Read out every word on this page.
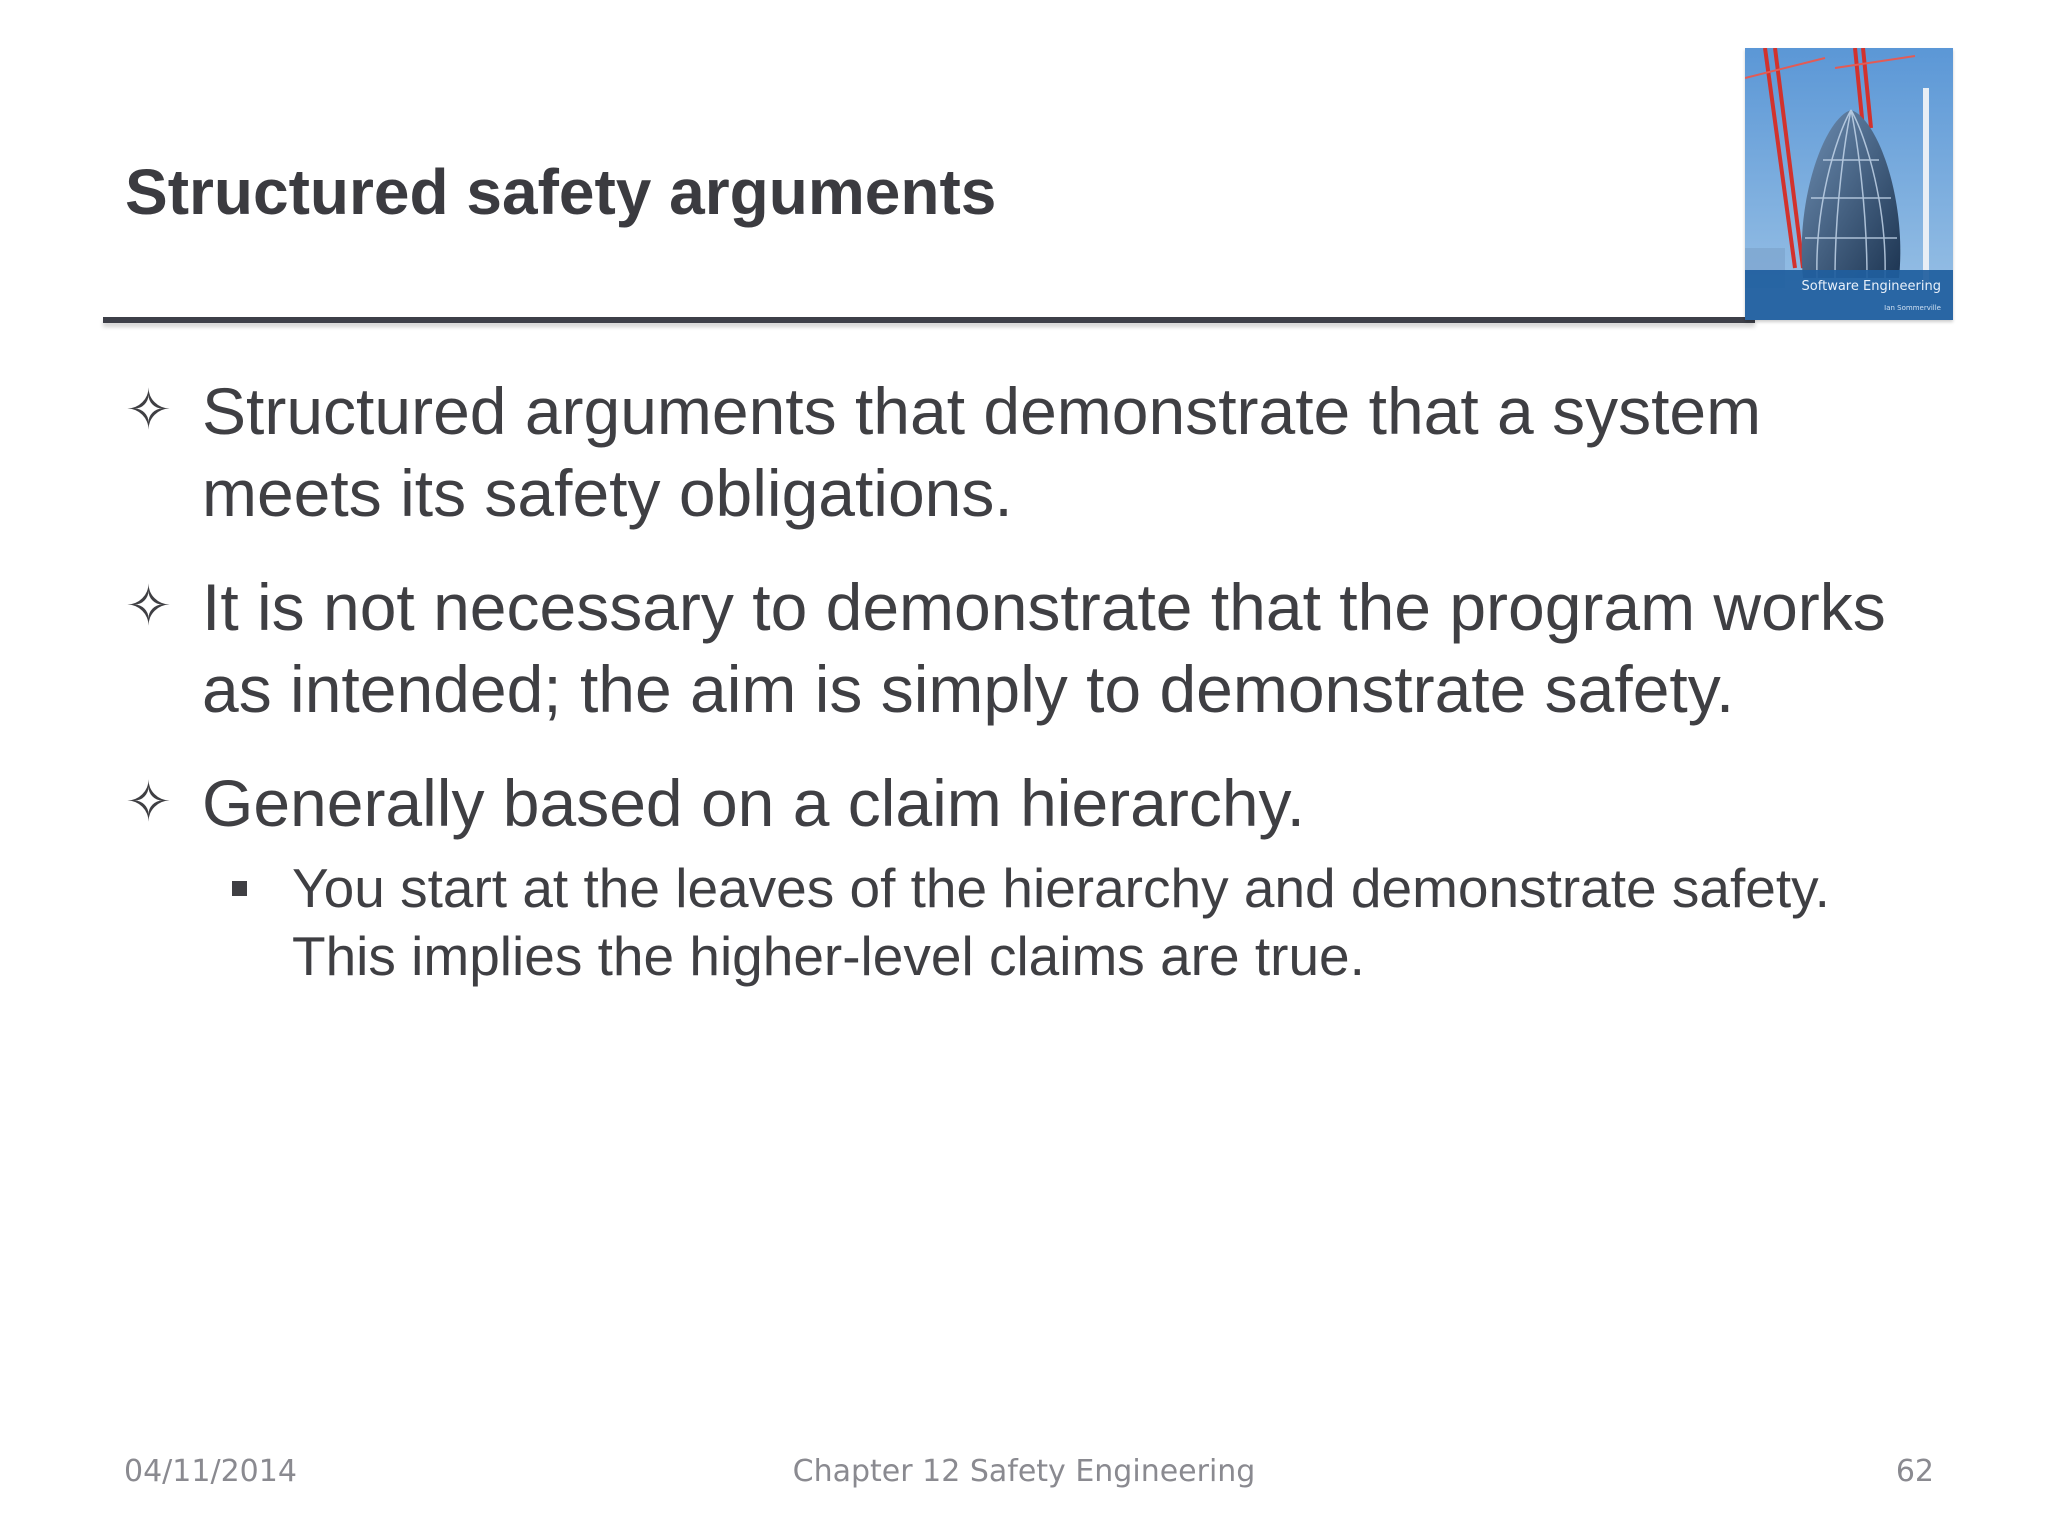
Structured safety arguments
Software Engineering
Ian Sommerville
✧ Structured arguments that demonstrate that a system meets its safety obligations.
✧ It is not necessary to demonstrate that the program works as intended; the aim is simply to demonstrate safety.
✧ Generally based on a claim hierarchy.
You start at the leaves of the hierarchy and demonstrate safety. This implies the higher-level claims are true.
04/11/2014	Chapter 12 Safety Engineering	62
